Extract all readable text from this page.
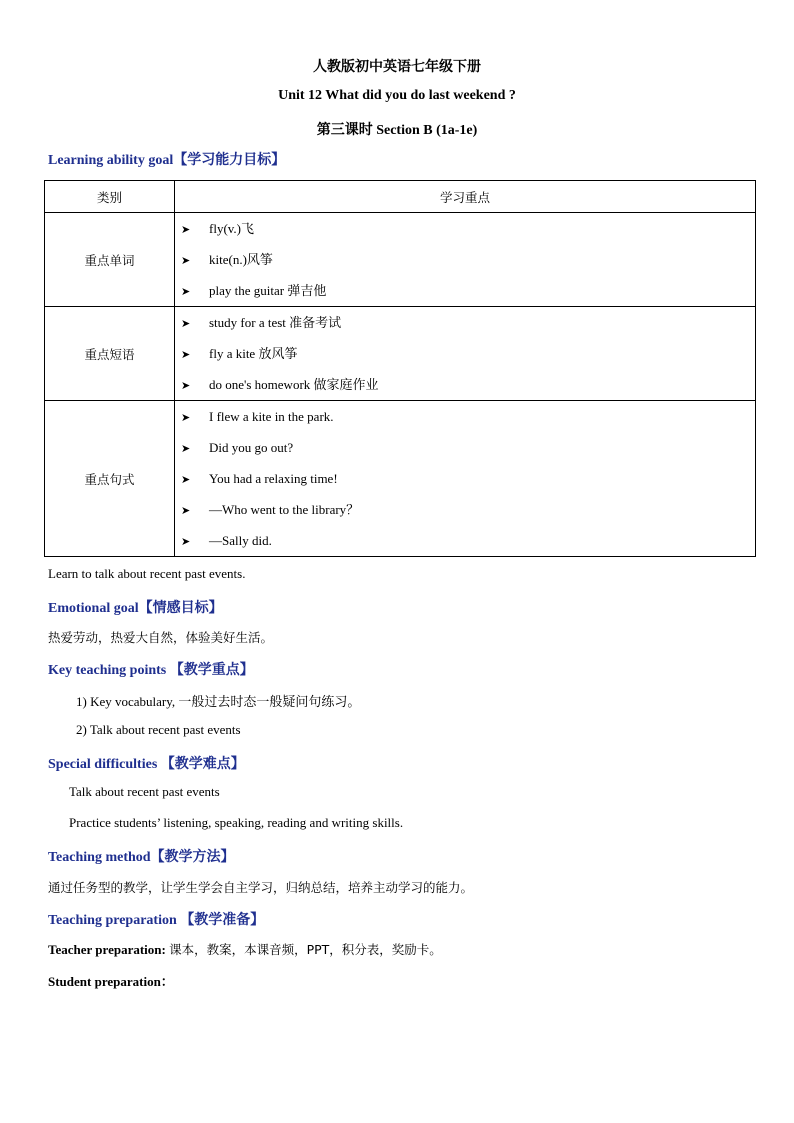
人教版初中英语七年级下册
Unit 12 What did you do last weekend ?
第三课时 Section B (1a-1e)
Learning ability goal【学习能力目标】
类别	学习重点
重点单词	➤ fly(v.)飞
➤ kite(n.)风筝
➤ play the guitar 弹吉他

重点短语	➤ study for a test 准备考试
➤ fly a kite 放风筝
➤ do one's homework 做家庭作业

重点句式	➤ I flew a kite in the park.
➤ Did you go out?
➤ You had a relaxing time!
➤ —Who went to the library？
➤ —Sally did.
Learn to talk about recent past events.
Emotional goal【情感目标】
热爱劳动，热爱大自然，体验美好生活。
Key teaching points 【教学重点】
1) Key vocabulary, 一般过去时态一般疑问句练习。
2) Talk about recent past events
Special difficulties 【教学难点】
Talk about recent past events
Practice students’ listening, speaking, reading and writing skills.
Teaching method【教学方法】
通过任务型的教学，让学生学会自主学习，归纳总结，培养主动学习的能力。
Teaching preparation 【教学准备】
Teacher preparation: 课本，教案，本课音频，PPT，积分表，奖励卡。
Student preparation：
